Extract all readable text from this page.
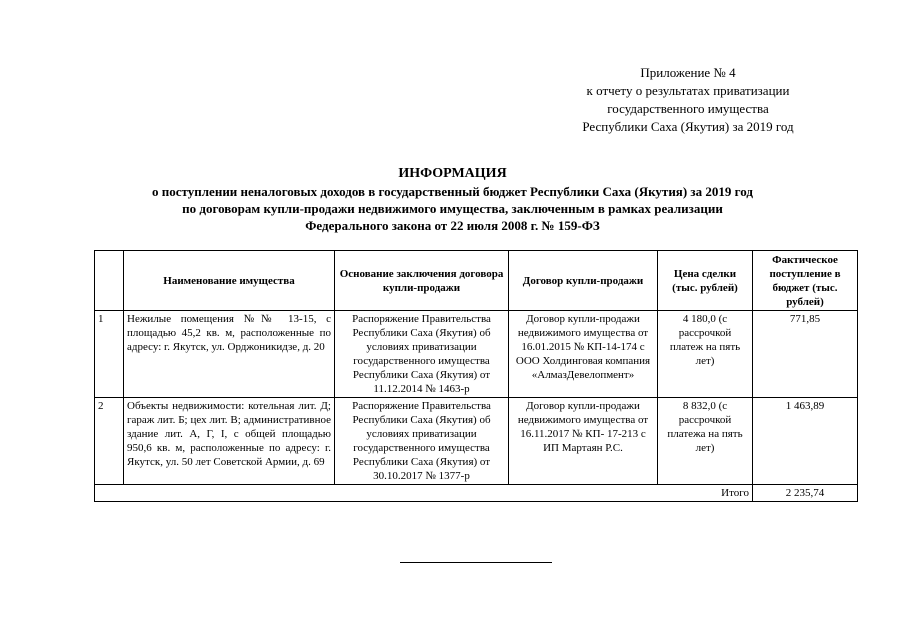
Приложение № 4
к отчету о результатах приватизации
государственного имущества
Республики Саха (Якутия) за 2019 год
ИНФОРМАЦИЯ
о поступлении неналоговых доходов в государственный бюджет Республики Саха (Якутия) за 2019 год
по договорам купли-продажи недвижимого имущества, заключенным в рамках реализации
Федерального закона от 22 июля 2008 г. № 159-ФЗ
	Наименование имущества	Основание заключения договора купли-продажи	Договор купли-продажи	Цена сделки (тыс. рублей)	Фактическое поступление в бюджет (тыс. рублей)
1	Нежилые помещения №№ 13-15, с площадью 45,2 кв. м, расположенные по адресу: г. Якутск, ул. Орджоникидзе, д. 20	Распоряжение Правительства Республики Саха (Якутия) об условиях приватизации государственного имущества Республики Саха (Якутия) от 11.12.2014 № 1463-р	Договор купли-продажи недвижимого имущества от 16.01.2015 № КП-14-174 с ООО Холдинговая компания «АлмазДевелопмент»	4 180,0 (с рассрочкой платеж на пять лет)	771,85
2	Объекты недвижимости: котельная лит. Д; гараж лит. Б; цех лит. В; административное здание лит. А, Г, I, с общей площадью 950,6 кв. м, расположенные по адресу: г. Якутск, ул. 50 лет Советской Армии, д. 69	Распоряжение Правительства Республики Саха (Якутия) об условиях приватизации государственного имущества Республики Саха (Якутия) от 30.10.2017 № 1377-р	Договор купли-продажи недвижимого имущества от 16.11.2017 № КП- 17-213 с ИП Мартаян Р.С.	8 832,0 (с рассрочкой платежа на пять лет)	1 463,89
Итого					2 235,74
